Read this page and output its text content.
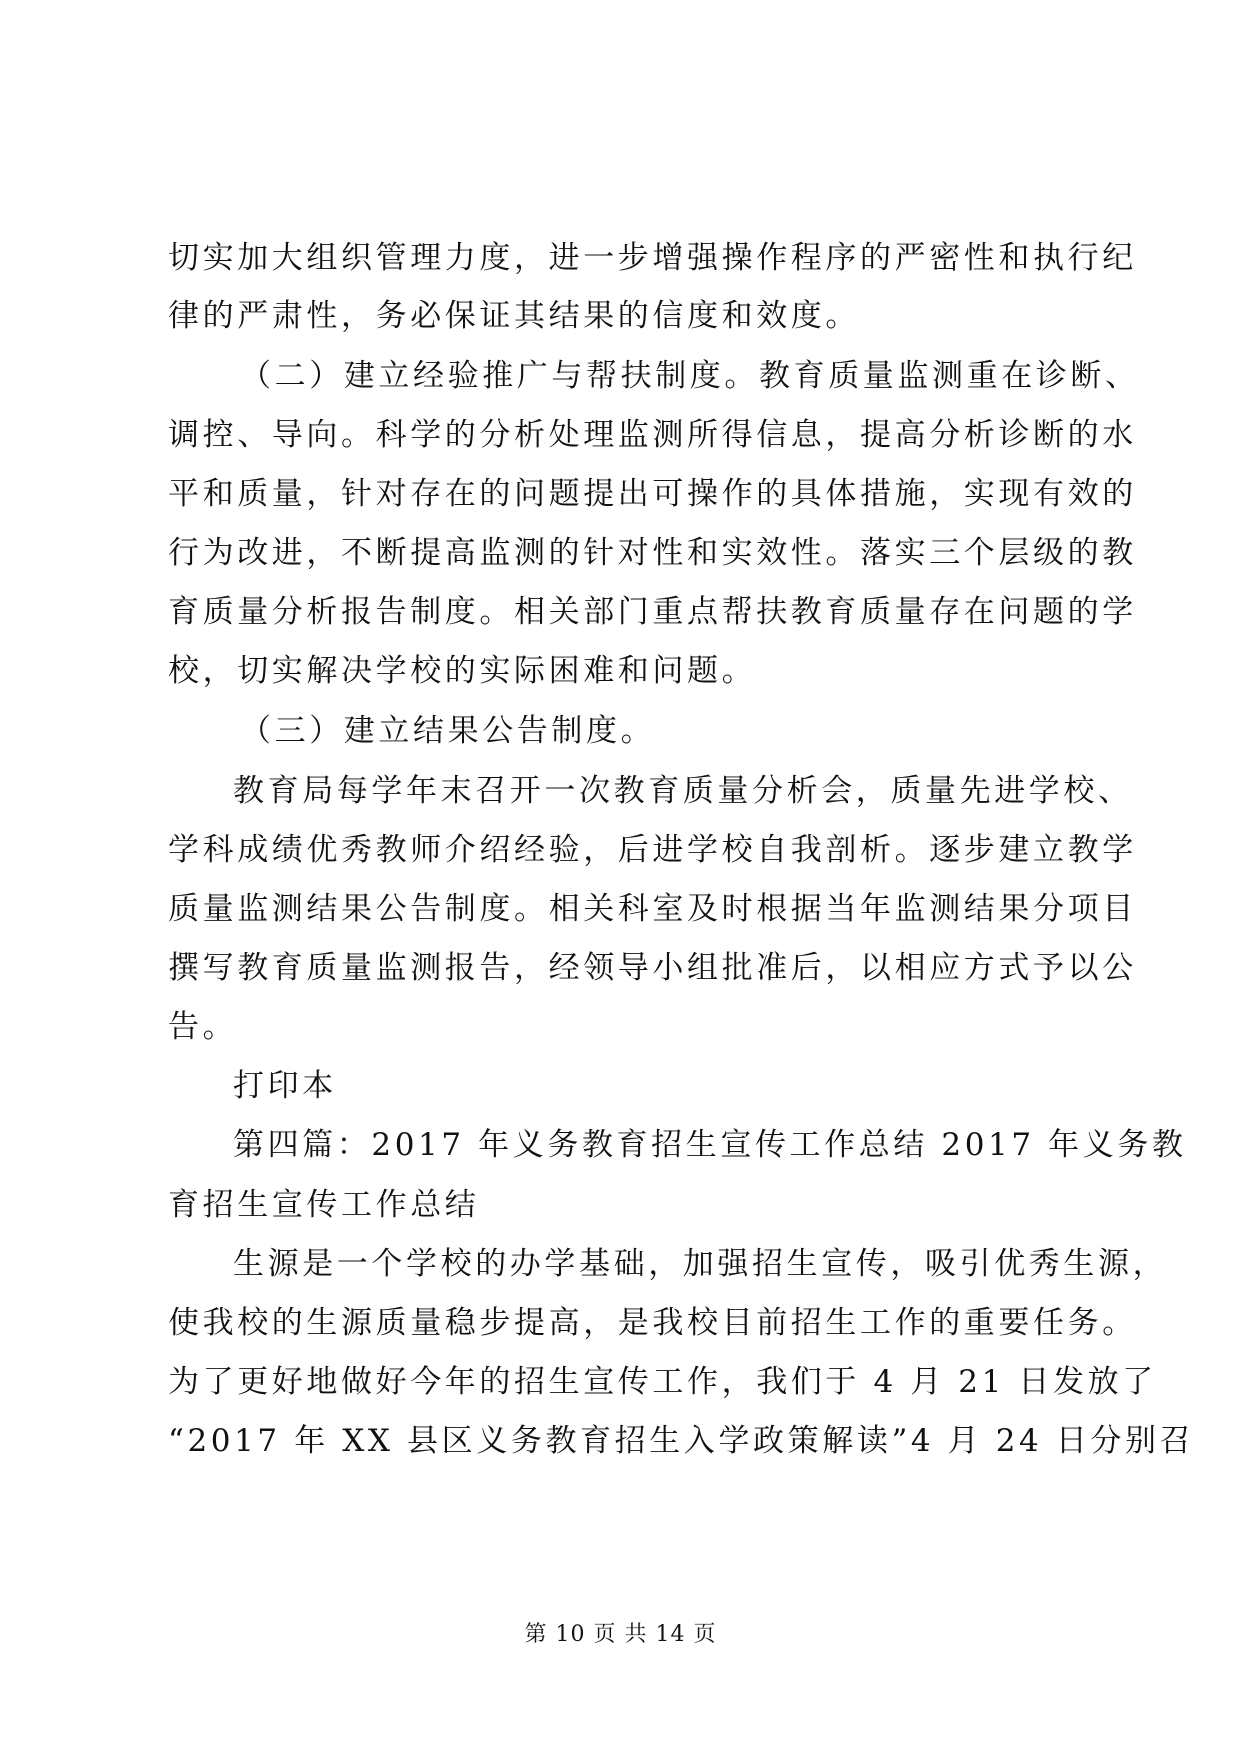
切实加大组织管理力度，进一步增强操作程序的严密性和执行纪
律的严肃性，务必保证其结果的信度和效度。
（二）建立经验推广与帮扶制度。教育质量监测重在诊断、
调控、导向。科学的分析处理监测所得信息，提高分析诊断的水
平和质量，针对存在的问题提出可操作的具体措施，实现有效的
行为改进，不断提高监测的针对性和实效性。落实三个层级的教
育质量分析报告制度。相关部门重点帮扶教育质量存在问题的学
校，切实解决学校的实际困难和问题。
（三）建立结果公告制度。
教育局每学年末召开一次教育质量分析会，质量先进学校、
学科成绩优秀教师介绍经验，后进学校自我剖析。逐步建立教学
质量监测结果公告制度。相关科室及时根据当年监测结果分项目
撰写教育质量监测报告，经领导小组批准后，以相应方式予以公
告。
打印本
第四篇：2017 年义务教育招生宣传工作总结 2017 年义务教
育招生宣传工作总结
生源是一个学校的办学基础，加强招生宣传，吸引优秀生源，
使我校的生源质量稳步提高，是我校目前招生工作的重要任务。
为了更好地做好今年的招生宣传工作，我们于 4 月 21 日发放了
“2017 年 XX 县区义务教育招生入学政策解读”4 月 24 日分别召
第 10 页 共 14 页
